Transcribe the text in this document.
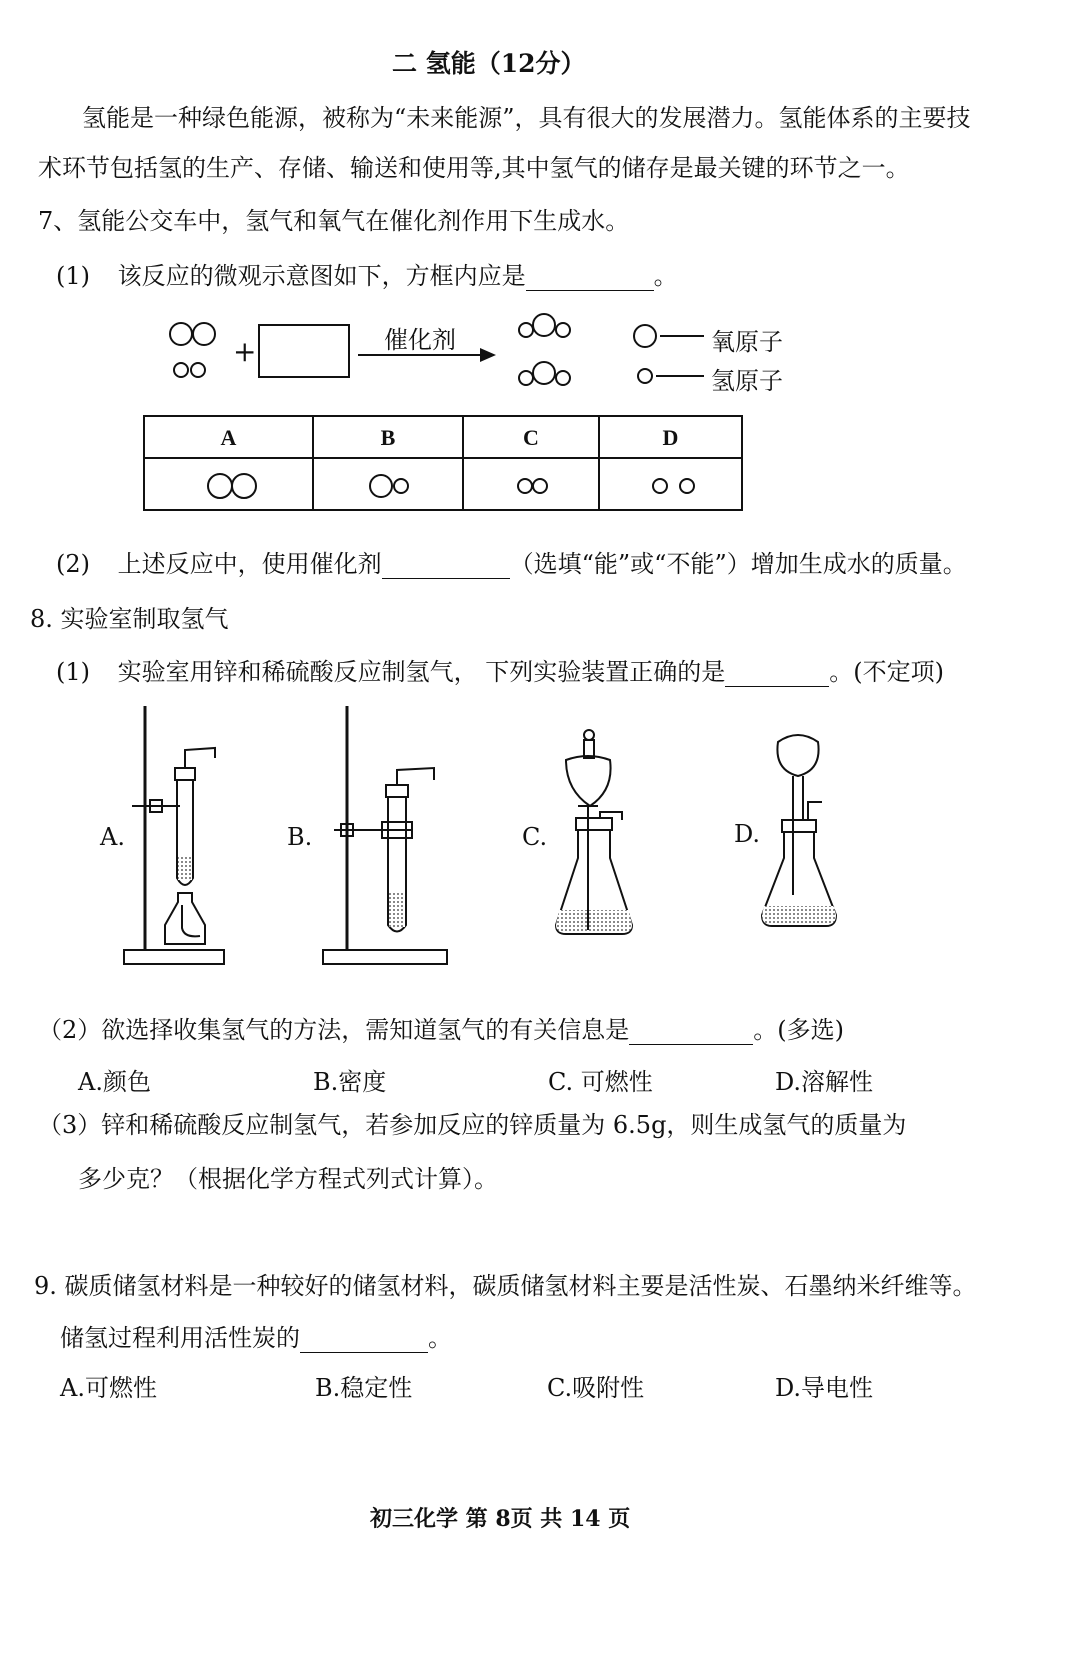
二 氢能（12分）
氢能是一种绿色能源，被称为“未来能源”，具有很大的发展潜力。氢能体系的主要技
术环节包括氢的生产、存储、输送和使用等,其中氢气的储存是最关键的环节之一。
7、氢能公交车中，氢气和氧气在催化剂作用下生成水。
(1) 该反应的微观示意图如下，方框内应是	。
+	催化剂	氧原子
氢原子
A	B	C	D
(2) 上述反应中，使用催化剂	（选填“能”或“不能”）增加生成水的质量。
8. 实验室制取氢气
(1) 实验室用锌和稀硫酸反应制氢气， 下列实验装置正确的是	。(不定项)
A.	B.	C.	D.
（2）欲选择收集氢气的方法，需知道氢气的有关信息是	。(多选)
A.颜色	B.密度	C. 可燃性	D.溶解性
（3）锌和稀硫酸反应制氢气，若参加反应的锌质量为 6.5g，则生成氢气的质量为
多少克？（根据化学方程式列式计算）。
9. 碳质储氢材料是一种较好的储氢材料，碳质储氢材料主要是活性炭、石墨纳米纤维等。
储氢过程利用活性炭的	。
A.可燃性	B.稳定性	C.吸附性	D.导电性
初三化学 第 8页 共 14 页
